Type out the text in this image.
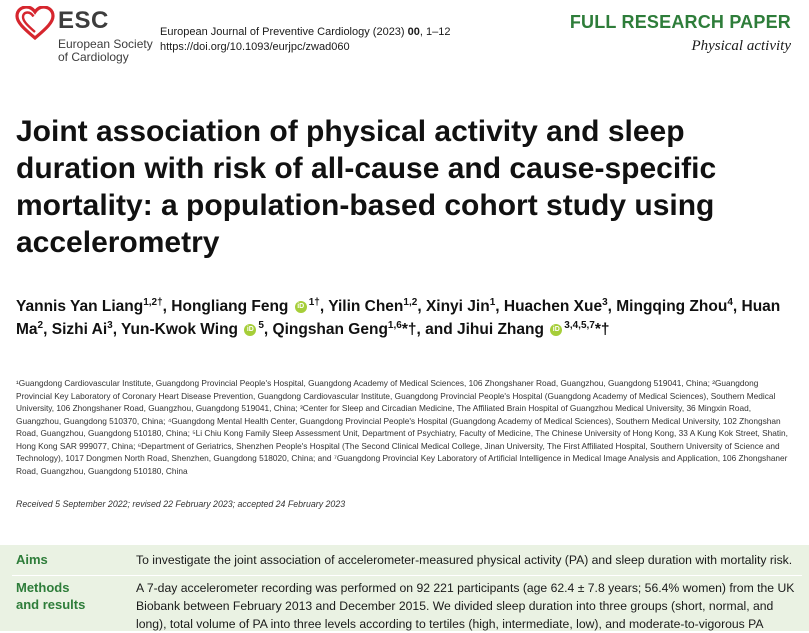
ESC
European Society
of Cardiology
European Journal of Preventive Cardiology (2023) 00, 1–12
https://doi.org/10.1093/eurjpc/zwad060
FULL RESEARCH PAPER
Physical activity
Joint association of physical activity and sleep duration with risk of all-cause and cause-specific mortality: a population-based cohort study using accelerometry
Yannis Yan Liang$^{1,2\dagger}$, Hongliang Feng iD $^{1\dagger}$, Yilin Chen$^{1,2}$, Xinyi Jin$^1$, Huachen Xue$^3$, Mingqing Zhou$^4$, Huan Ma$^2$, Sizhi Ai$^3$, Yun-Kwok Wing iD $^5$, Qingshan Geng$^{1,6}$*†, and Jihui Zhang iD $^{3,4,5,7}$*†
¹Guangdong Cardiovascular Institute, Guangdong Provincial People's Hospital, Guangdong Academy of Medical Sciences, 106 Zhongshaner Road, Guangzhou, Guangdong 519041, China; ²Guangdong Provincial Key Laboratory of Coronary Heart Disease Prevention, Guangdong Cardiovascular Institute, Guangdong Provincial People's Hospital (Guangdong Academy of Medical Sciences), Southern Medical University, 106 Zhongshaner Road, Guangzhou, Guangdong 519041, China; ³Center for Sleep and Circadian Medicine, The Affiliated Brain Hospital of Guangzhou Medical University, 36 Mingxin Road, Guangzhou, Guangdong 510370, China; ⁴Guangdong Mental Health Center, Guangdong Provincial People's Hospital (Guangdong Academy of Medical Sciences), Southern Medical University, 102 Zhongshan Road, Guangzhou, Guangdong 510180, China; ⁵Li Chiu Kong Family Sleep Assessment Unit, Department of Psychiatry, Faculty of Medicine, The Chinese University of Hong Kong, 33 A Kung Kok Street, Shatin, Hong Kong SAR 999077, China; ⁶Department of Geriatrics, Shenzhen People's Hospital (The Second Clinical Medical College, Jinan University, The First Affiliated Hospital, Southern University of Science and Technology), 1017 Dongmen North Road, Shenzhen, Guangdong 518020, China; and ⁷Guangdong Provincial Key Laboratory of Artificial Intelligence in Medical Image Analysis and Application, 106 Zhongshaner Road, Guangzhou, Guangdong 510180, China
Received 5 September 2022; revised 22 February 2023; accepted 24 February 2023
Aims	To investigate the joint association of accelerometer-measured physical activity (PA) and sleep duration with mortality risk.
Methods
and results
A 7-day accelerometer recording was performed on 92 221 participants (age 62.4 ± 7.8 years; 56.4% women) from the UK Biobank between February 2013 and December 2015. We divided sleep duration into three groups (short, normal, and long), total volume of PA into three levels according to tertiles (high, intermediate, low), and moderate-to-vigorous PA
